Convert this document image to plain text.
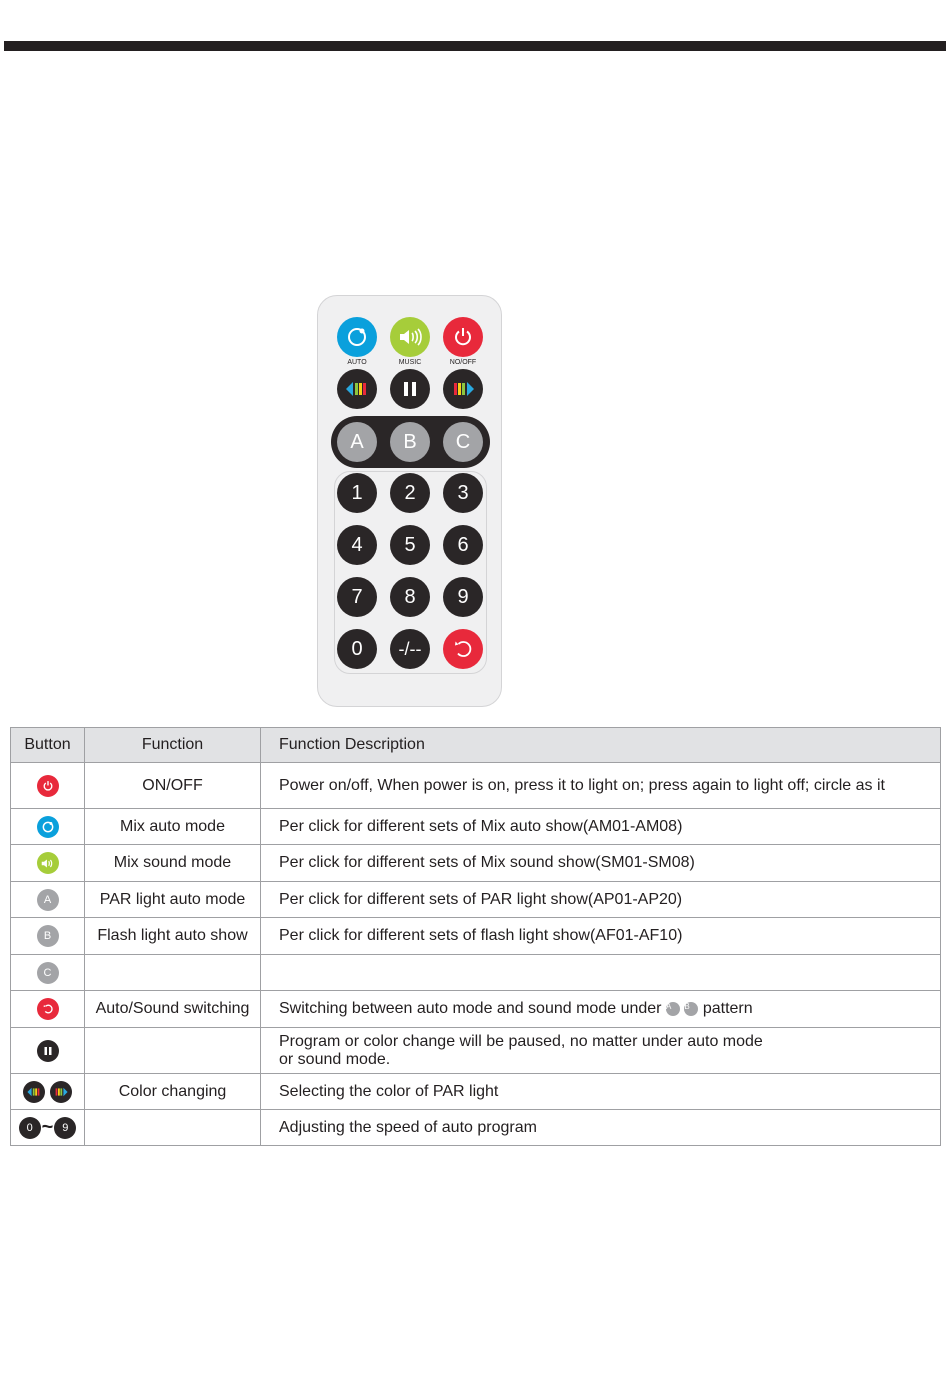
AUTO	MUSIC	NO/OFF
A	B	C
1	2	3
4	5	6
7	8	9
0	-/--
Button	Function	Function Description

	ON/OFF	Power on/off, When power is on, press it to light on; press again to light off; circle as it

	Mix auto mode	Per click for different sets of Mix auto show(AM01-AM08)

	Mix sound mode	Per click for different sets of Mix sound show(SM01-SM08)
A	PAR light auto mode	Per click for different sets of PAR light show(AP01-AP20)
B	Flash light auto show	Per click for different sets of flash light show(AF01-AF10)
C		

	Auto/Sound switching	Switching between auto mode and sound mode under A B pattern

		Program or color change will be paused, no matter under auto mode
or sound mode.

	Color changing	Selecting the color of PAR light
0 ~ 9		Adjusting the speed of auto program
